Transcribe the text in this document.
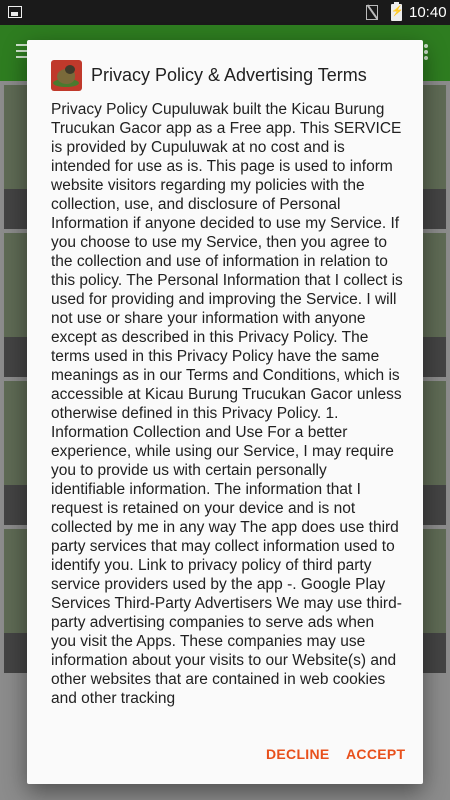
⚡
10:40
Privacy Policy & Advertising Terms
Privacy Policy Cupuluwak built the Kicau Burung Trucukan Gacor app as a Free app. This SERVICE is provided by Cupuluwak at no cost and is intended for use as is. This page is used to inform website visitors regarding my policies with the collection, use, and disclosure of Personal Information if anyone decided to use my Service. If you choose to use my Service, then you agree to the collection and use of information in relation to this policy. The Personal Information that I collect is used for providing and improving the Service. I will not use or share your information with anyone except as described in this Privacy Policy. The terms used in this Privacy Policy have the same meanings as in our Terms and Conditions, which is accessible at Kicau Burung Trucukan Gacor unless otherwise defined in this Privacy Policy. 1. Information Collection and Use For a better experience, while using our Service, I may require you to provide us with certain personally identifiable information. The information that I request is retained on your device and is not collected by me in any way The app does use third party services that may collect information used to identify you. Link to privacy policy of third party service providers used by the app -. Google Play Services Third-Party Advertisers We may use third-party advertising companies to serve ads when you visit the Apps. These companies may use information about your visits to our Website(s) and other websites that are contained in web cookies and other tracking
DECLINE ACCEPT
